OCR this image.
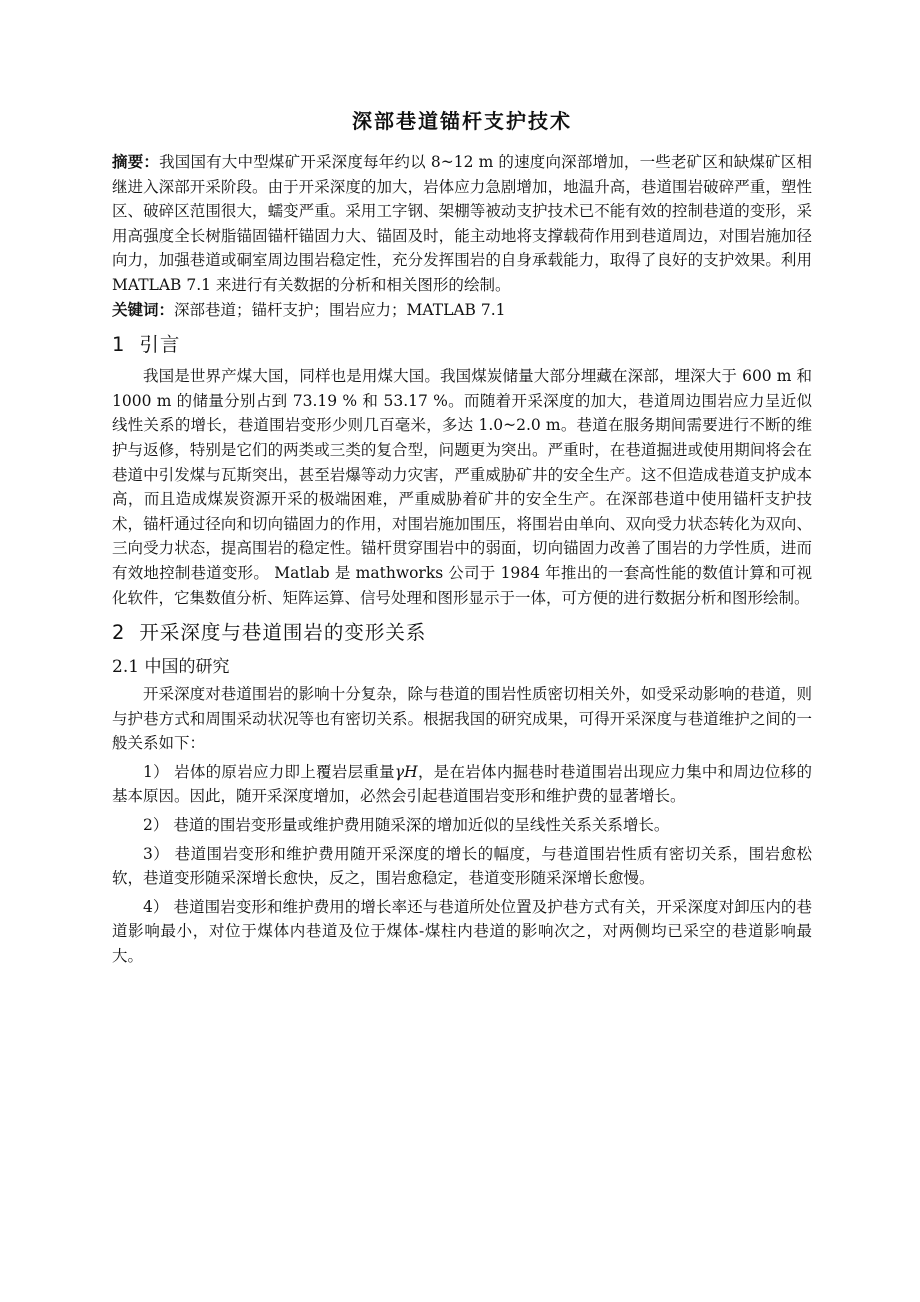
深部巷道锚杆支护技术
摘要：我国国有大中型煤矿开采深度每年约以 8~12 m 的速度向深部增加，一些老矿区和缺煤矿区相继进入深部开采阶段。由于开采深度的加大，岩体应力急剧增加，地温升高，巷道围岩破碎严重，塑性区、破碎区范围很大，蠕变严重。采用工字钢、架棚等被动支护技术已不能有效的控制巷道的变形，采用高强度全长树脂锚固锚杆锚固力大、锚固及时，能主动地将支撑载荷作用到巷道周边，对围岩施加径向力，加强巷道或硐室周边围岩稳定性，充分发挥围岩的自身承载能力，取得了良好的支护效果。利用 MATLAB 7.1 来进行有关数据的分析和相关图形的绘制。
关键词：深部巷道；锚杆支护；围岩应力；MATLAB 7.1
1 引言

我国是世界产煤大国，同样也是用煤大国。我国煤炭储量大部分埋藏在深部，埋深大于 600 m 和 1000 m 的储量分别占到 73.19 % 和 53.17 %。而随着开采深度的加大，巷道周边围岩应力呈近似线性关系的增长，巷道围岩变形少则几百毫米，多达 1.0~2.0 m。巷道在服务期间需要进行不断的维护与返修，特别是它们的两类或三类的复合型，问题更为突出。严重时，在巷道掘进或使用期间将会在巷道中引发煤与瓦斯突出，甚至岩爆等动力灾害，严重威胁矿井的安全生产。这不但造成巷道支护成本高，而且造成煤炭资源开采的极端困难，严重威胁着矿井的安全生产。在深部巷道中使用锚杆支护技术，锚杆通过径向和切向锚固力的作用，对围岩施加围压，将围岩由单向、双向受力状态转化为双向、三向受力状态，提高围岩的稳定性。锚杆贯穿围岩中的弱面，切向锚固力改善了围岩的力学性质，进而有效地控制巷道变形。 Matlab 是 mathworks 公司于 1984 年推出的一套高性能的数值计算和可视化软件，它集数值分析、矩阵运算、信号处理和图形显示于一体，可方便的进行数据分析和图形绘制。

2 开采深度与巷道围岩的变形关系
2.1 中国的研究

开采深度对巷道围岩的影响十分复杂，除与巷道的围岩性质密切相关外，如受采动影响的巷道，则与护巷方式和周围采动状况等也有密切关系。根据我国的研究成果，可得开采深度与巷道维护之间的一般关系如下：

1） 岩体的原岩应力即上覆岩层重量γH，是在岩体内掘巷时巷道围岩出现应力集中和周边位移的基本原因。因此，随开采深度增加，必然会引起巷道围岩变形和维护费的显著增长。
2） 巷道的围岩变形量或维护费用随采深的增加近似的呈线性关系关系增长。
3） 巷道围岩变形和维护费用随开采深度的增长的幅度，与巷道围岩性质有密切关系，围岩愈松软，巷道变形随采深增长愈快，反之，围岩愈稳定，巷道变形随采深增长愈慢。
4） 巷道围岩变形和维护费用的增长率还与巷道所处位置及护巷方式有关，开采深度对卸压内的巷道影响最小，对位于煤体内巷道及位于煤体-煤柱内巷道的影响次之，对两侧均已采空的巷道影响最大。
